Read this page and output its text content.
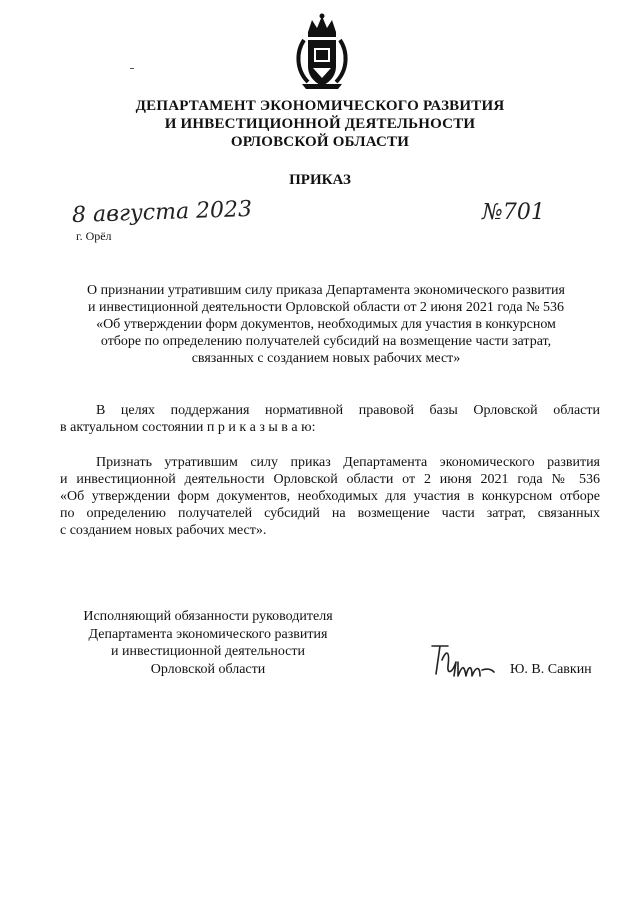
ДЕПАРТАМЕНТ ЭКОНОМИЧЕСКОГО РАЗВИТИЯ
И ИНВЕСТИЦИОННОЙ ДЕЯТЕЛЬНОСТИ
ОРЛОВСКОЙ ОБЛАСТИ
ПРИКАЗ
8 августа 2023	№701
г. Орёл
О признании утратившим силу приказа Департамента экономического развития
и инвестиционной деятельности Орловской области от 2 июня 2021 года № 536
«Об утверждении форм документов, необходимых для участия в конкурсном
отборе по определению получателей субсидий на возмещение части затрат,
связанных с созданием новых рабочих мест»
В целях поддержания нормативной правовой базы Орловской области
в актуальном состоянии п р и к а з ы в а ю:
Признать утратившим силу приказ Департамента экономического развития
и инвестиционной деятельности Орловской области от 2 июня 2021 года № 536
«Об утверждении форм документов, необходимых для участия в конкурсном отборе
по определению получателей субсидий на возмещение части затрат, связанных
с созданием новых рабочих мест».
Исполняющий обязанности руководителя
Департамента экономического развития
и инвестиционной деятельности
Орловской области	Ю. В. Савкин
